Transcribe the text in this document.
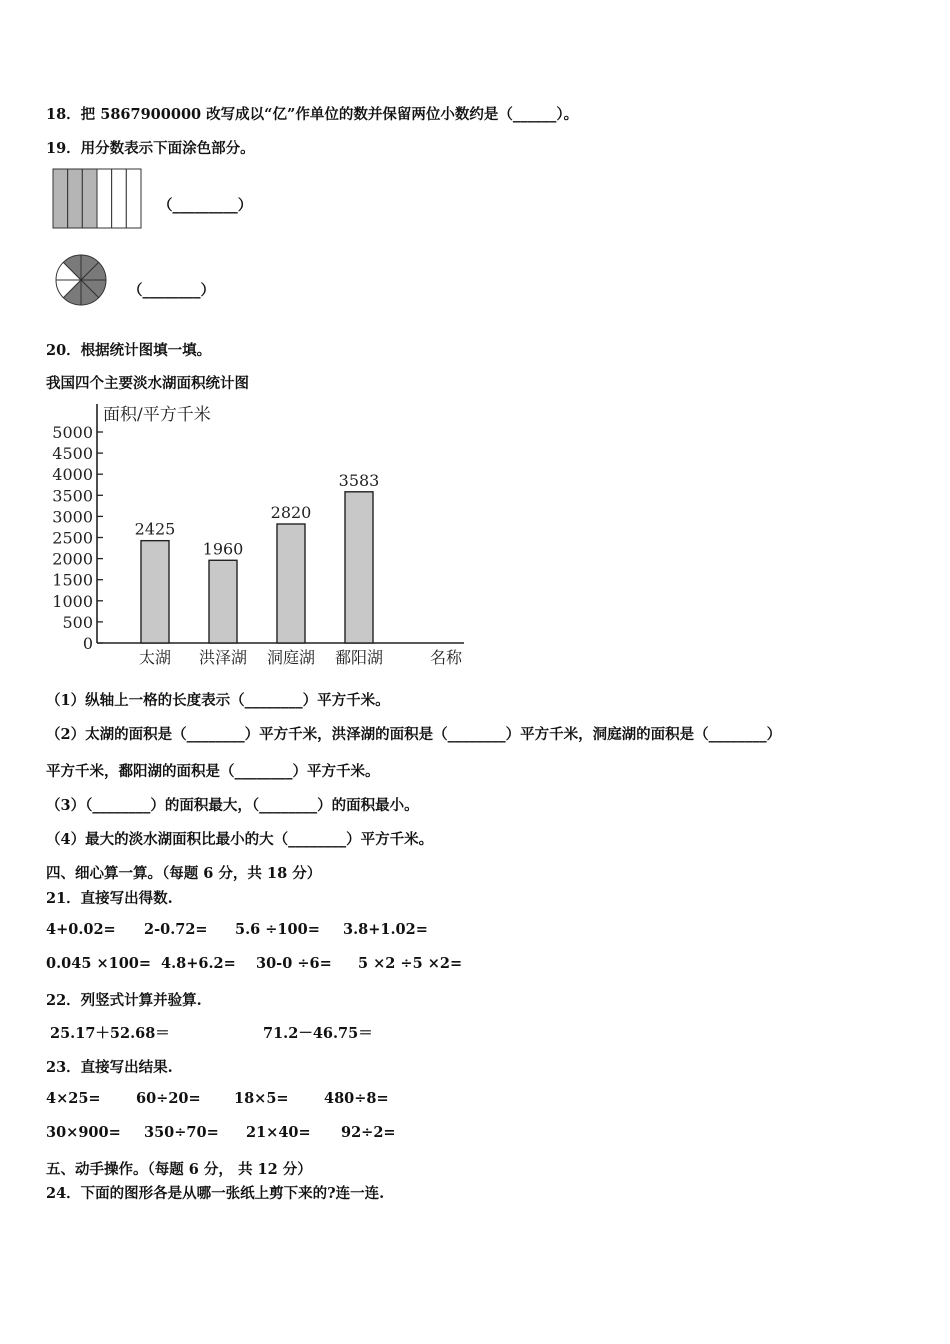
18．把 5867900000 改写成以“亿”作单位的数并保留两位小数约是（______）。
19．用分数表示下面涂色部分。
（_________）
（________）
20．根据统计图填一填。
我国四个主要淡水湖面积统计图
面积/平方千米
0
500
1000
1500
2000
2500
3000
3500
4000
4500
5000
2425
太湖
1960
洪泽湖
2820
洞庭湖
3583
鄱阳湖	名称
（1）纵轴上一格的长度表示（________）平方千米。
（2）太湖的面积是（________）平方千米，洪泽湖的面积是（________）平方千米，洞庭湖的面积是（________）
平方千米，鄱阳湖的面积是（________）平方千米。
（3）（________）的面积最大，（________）的面积最小。
（4）最大的淡水湖面积比最小的大（________）平方千米。
四、细心算一算。（每题 6 分，共 18 分）
21．直接写出得数.
4+0.02= 2-0.72= 5.6 ÷100= 3.8+1.02=
0.045 ×100= 4.8+6.2= 30-0 ÷6= 5 ×2 ÷5 ×2=
22．列竖式计算并验算.
25.17＋52.68＝	71.2－46.75＝
23．直接写出结果.
4×25= 60÷20= 18×5= 480÷8=
30×900= 350÷70= 21×40= 92÷2=
五、动手操作。（每题 6 分， 共 12 分）
24．下面的图形各是从哪一张纸上剪下来的?连一连.
